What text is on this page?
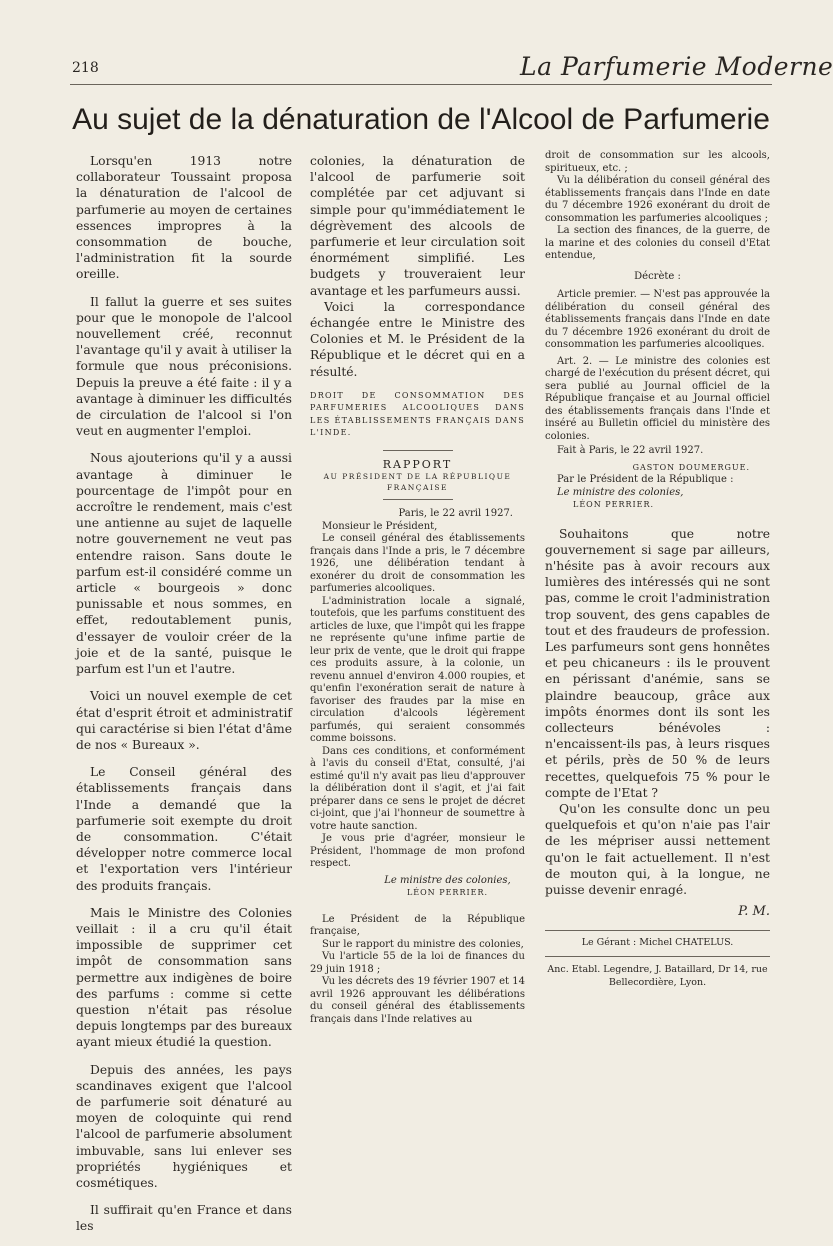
218	La Parfumerie Moderne
Au sujet de la dénaturation de l'Alcool de Parfumerie

Lorsqu'en 1913 notre collaborateur Toussaint proposa la dénaturation de l'alcool de parfumerie au moyen de certaines essences impropres à la consommation de bouche, l'administration fit la sourde oreille.

Il fallut la guerre et ses suites pour que le monopole de l'alcool nouvellement créé, reconnut l'avantage qu'il y avait à utiliser la formule que nous préconisions. Depuis la preuve a été faite : il y a avantage à diminuer les difficultés de circulation de l'alcool si l'on veut en augmenter l'emploi.

Nous ajouterions qu'il y a aussi avantage à diminuer le pourcentage de l'impôt pour en accroître le rendement, mais c'est une antienne au sujet de laquelle notre gouvernement ne veut pas entendre raison. Sans doute le parfum est-il considéré comme un article « bourgeois » donc punissable et nous sommes, en effet, redoutablement punis, d'essayer de vouloir créer de la joie et de la santé, puisque le parfum est l'un et l'autre.

Voici un nouvel exemple de cet état d'esprit étroit et administratif qui caractérise si bien l'état d'âme de nos « Bureaux ».

Le Conseil général des établissements français dans l'Inde a demandé que la parfumerie soit exempte du droit de consommation. C'était développer notre commerce local et l'exportation vers l'intérieur des produits français.

Mais le Ministre des Colonies veillait : il a cru qu'il était impossible de supprimer cet impôt de consommation sans permettre aux indigènes de boire des parfums : comme si cette question n'était pas résolue depuis longtemps par des bureaux ayant mieux étudié la question.

Depuis des années, les pays scandinaves exigent que l'alcool de parfumerie soit dénaturé au moyen de coloquinte qui rend l'alcool de parfumerie absolument imbuvable, sans lui enlever ses propriétés hygiéniques et cosmétiques.

Il suffirait qu'en France et dans les

colonies, la dénaturation de l'alcool de parfumerie soit complétée par cet adjuvant si simple pour qu'immédiatement le dégrèvement des alcools de parfumerie et leur circulation soit énormément simplifié. Les budgets y trouveraient leur avantage et les parfumeurs aussi.

Voici la correspondance échangée entre le Ministre des Colonies et M. le Président de la République et le décret qui en a résulté.

DROIT DE CONSOMMATION DES PARFUMERIES ALCOOLIQUES DANS LES ÉTABLISSEMENTS FRANÇAIS DANS L'INDE.

RAPPORT

AU PRÉSIDENT DE LA RÉPUBLIQUE FRANÇAISE

Paris, le 22 avril 1927.

Monsieur le Président,

Le conseil général des établissements français dans l'Inde a pris, le 7 décembre 1926, une délibération tendant à exonérer du droit de consommation les parfumeries alcooliques.

L'administration locale a signalé, toutefois, que les parfums constituent des articles de luxe, que l'impôt qui les frappe ne représente qu'une infime partie de leur prix de vente, que le droit qui frappe ces produits assure, à la colonie, un revenu annuel d'environ 4.000 roupies, et qu'enfin l'exonération serait de nature à favoriser des fraudes par la mise en circulation d'alcools légèrement parfumés, qui seraient consommés comme boissons.

Dans ces conditions, et conformément à l'avis du conseil d'Etat, consulté, j'ai estimé qu'il n'y avait pas lieu d'approuver la délibération dont il s'agit, et j'ai fait préparer dans ce sens le projet de décret ci-joint, que j'ai l'honneur de soumettre à votre haute sanction.

Je vous prie d'agréer, monsieur le Président, l'hommage de mon profond respect.

Le ministre des colonies,

LÉON PERRIER.

Le Président de la République française,

Sur le rapport du ministre des colonies,

Vu l'article 55 de la loi de finances du 29 juin 1918 ;

Vu les décrets des 19 février 1907 et 14 avril 1926 approuvant les délibérations du conseil général des établissements français dans l'Inde relatives au

droit de consommation sur les alcools, spiritueux, etc. ;

Vu la délibération du conseil général des établissements français dans l'Inde en date du 7 décembre 1926 exonérant du droit de consommation les parfumeries alcooliques ;

La section des finances, de la guerre, de la marine et des colonies du conseil d'Etat entendue,

Décrète :

Article premier. — N'est pas approuvée la délibération du conseil général des établissements français dans l'Inde en date du 7 décembre 1926 exonérant du droit de consommation les parfumeries alcooliques.

Art. 2. — Le ministre des colonies est chargé de l'exécution du présent décret, qui sera publié au Journal officiel de la République française et au Journal officiel des établissements français dans l'Inde et inséré au Bulletin officiel du ministère des colonies.

Fait à Paris, le 22 avril 1927.

GASTON DOUMERGUE.

Par le Président de la République :

Le ministre des colonies,

LÉON PERRIER.

Souhaitons que notre gouvernement si sage par ailleurs, n'hésite pas à avoir recours aux lumières des intéressés qui ne sont pas, comme le croit l'administration trop souvent, des gens capables de tout et des fraudeurs de profession. Les parfumeurs sont gens honnêtes et peu chicaneurs : ils le prouvent en périssant d'anémie, sans se plaindre beaucoup, grâce aux impôts énormes dont ils sont les collecteurs bénévoles : n'encaissent-ils pas, à leurs risques et périls, près de 50 % de leurs recettes, quelquefois 75 % pour le compte de l'Etat ?

Qu'on les consulte donc un peu quelquefois et qu'on n'aie pas l'air de les mépriser aussi nettement qu'on le fait actuellement. Il n'est de mouton qui, à la longue, ne puisse devenir enragé.

P. M.

Le Gérant : Michel CHATELUS.

Anc. Etabl. Legendre, J. Bataillard, Dr 14, rue Bellecordière, Lyon.
